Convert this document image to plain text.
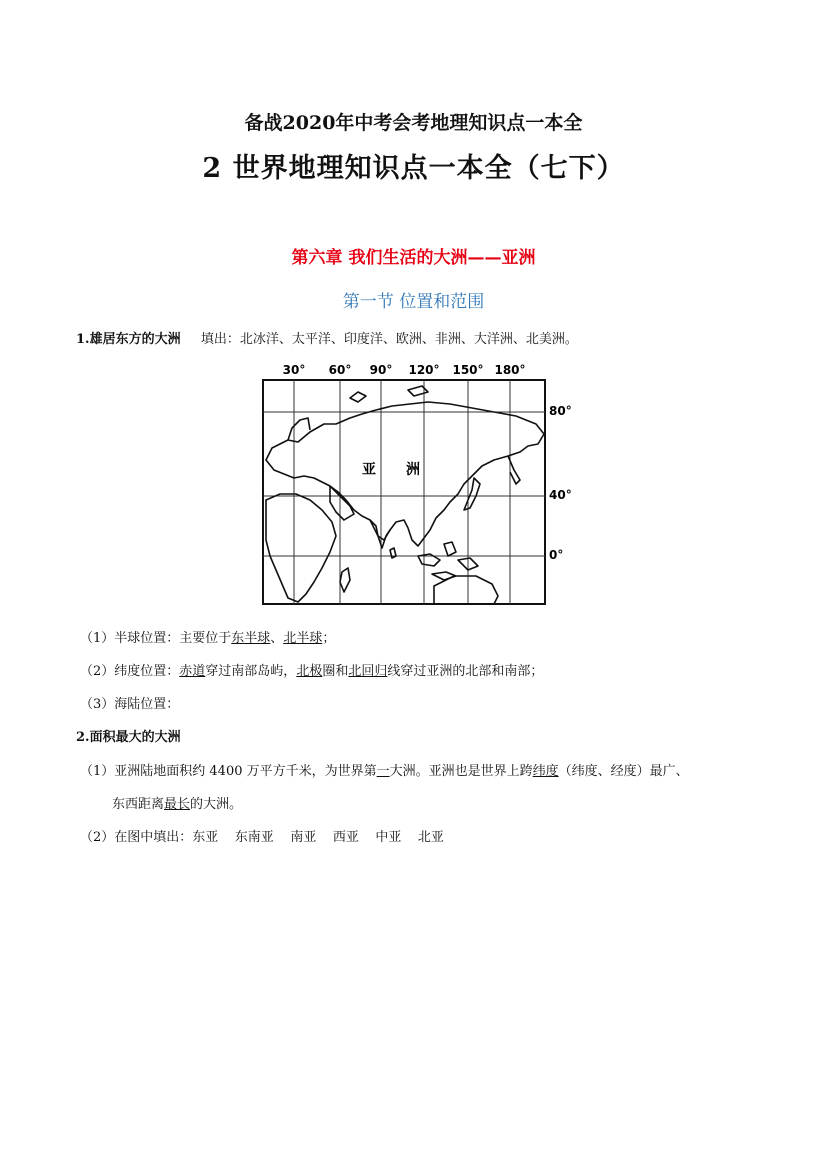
备战2020年中考会考地理知识点一本全
2 世界地理知识点一本全（七下）
第六章 我们生活的大洲——亚洲
第一节 位置和范围
1.雄居东方的大洲 填出：北冰洋、太平洋、印度洋、欧洲、非洲、大洋洲、北美洲。
30° 60° 90° 120° 150° 180°
80°
40°
0°
亚 洲
（1）半球位置：主要位于东半球、北半球；
（2）纬度位置：赤道穿过南部岛屿，北极圈和北回归线穿过亚洲的北部和南部；
（3）海陆位置：
2.面积最大的大洲
（1）亚洲陆地面积约 4400 万平方千米，为世界第一大洲。亚洲也是世界上跨纬度（纬度、经度）最广、
东西距离最长的大洲。
（2）在图中填出：东亚    东南亚    南亚    西亚    中亚    北亚
